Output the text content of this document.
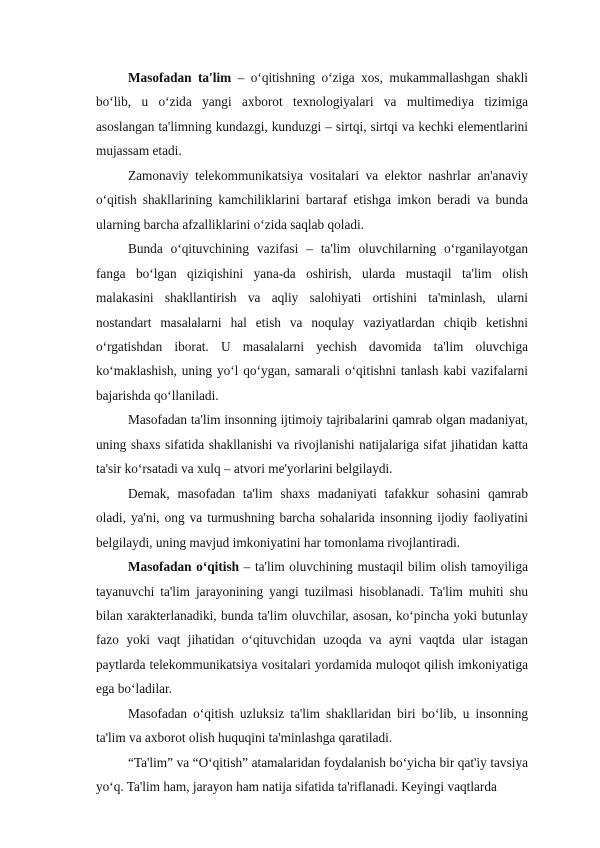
Masofadan ta'lim – o‘qitishning o‘ziga xos, mukammallashgan shakli bo‘lib, u o‘zida yangi axborot texnologiyalari va multimediya tizimiga asoslangan ta'limning kundazgi, kunduzgi – sirtqi, sirtqi va kechki elementlarini mujassam etadi.

Zamonaviy telekommunikatsiya vositalari va elektor nashrlar an'anaviy o‘qitish shakllarining kamchiliklarini bartaraf etishga imkon beradi va bunda ularning barcha afzalliklarini o‘zida saqlab qoladi.

Bunda o‘qituvchining vazifasi – ta'lim oluvchilarning o‘rganilayotgan fanga bo‘lgan qiziqishini yana-da oshirish, ularda mustaqil ta'lim olish malakasini shakllantirish va aqliy salohiyati ortishini ta'minlash, ularni nostandart masalalarni hal etish va noqulay vaziyatlardan chiqib ketishni o‘rgatishdan iborat. U masalalarni yechish davomida ta'lim oluvchiga ko‘maklashish, uning yo‘l qo‘ygan, samarali o‘qitishni tanlash kabi vazifalarni bajarishda qo‘llaniladi.

Masofadan ta'lim insonning ijtimoiy tajribalarini qamrab olgan madaniyat, uning shaxs sifatida shakllanishi va rivojlanishi natijalariga sifat jihatidan katta ta'sir ko‘rsatadi va xulq – atvori me'yorlarini belgilaydi.

Demak, masofadan ta'lim shaxs madaniyati tafakkur sohasini qamrab oladi, ya'ni, ong va turmushning barcha sohalarida insonning ijodiy faoliyatini belgilaydi, uning mavjud imkoniyatini har tomonlama rivojlantiradi.

Masofadan o‘qitish – ta'lim oluvchining mustaqil bilim olish tamoyiliga tayanuvchi ta'lim jarayonining yangi tuzilmasi hisoblanadi. Ta'lim muhiti shu bilan xarakterlanadiki, bunda ta'lim oluvchilar, asosan, ko‘pincha yoki butunlay fazo yoki vaqt jihatidan o‘qituvchidan uzoqda va ayni vaqtda ular istagan paytlarda telekommunikatsiya vositalari yordamida muloqot qilish imkoniyatiga ega bo‘ladilar.

Masofadan o‘qitish uzluksiz ta'lim shakllaridan biri bo‘lib, u insonning ta'lim va axborot olish huquqini ta'minlashga qaratiladi.

“Ta'lim” va “O‘qitish” atamalaridan foydalanish bo‘yicha bir qat'iy tavsiya yo‘q. Ta'lim ham, jarayon ham natija sifatida ta'riflanadi. Keyingi vaqtlarda
